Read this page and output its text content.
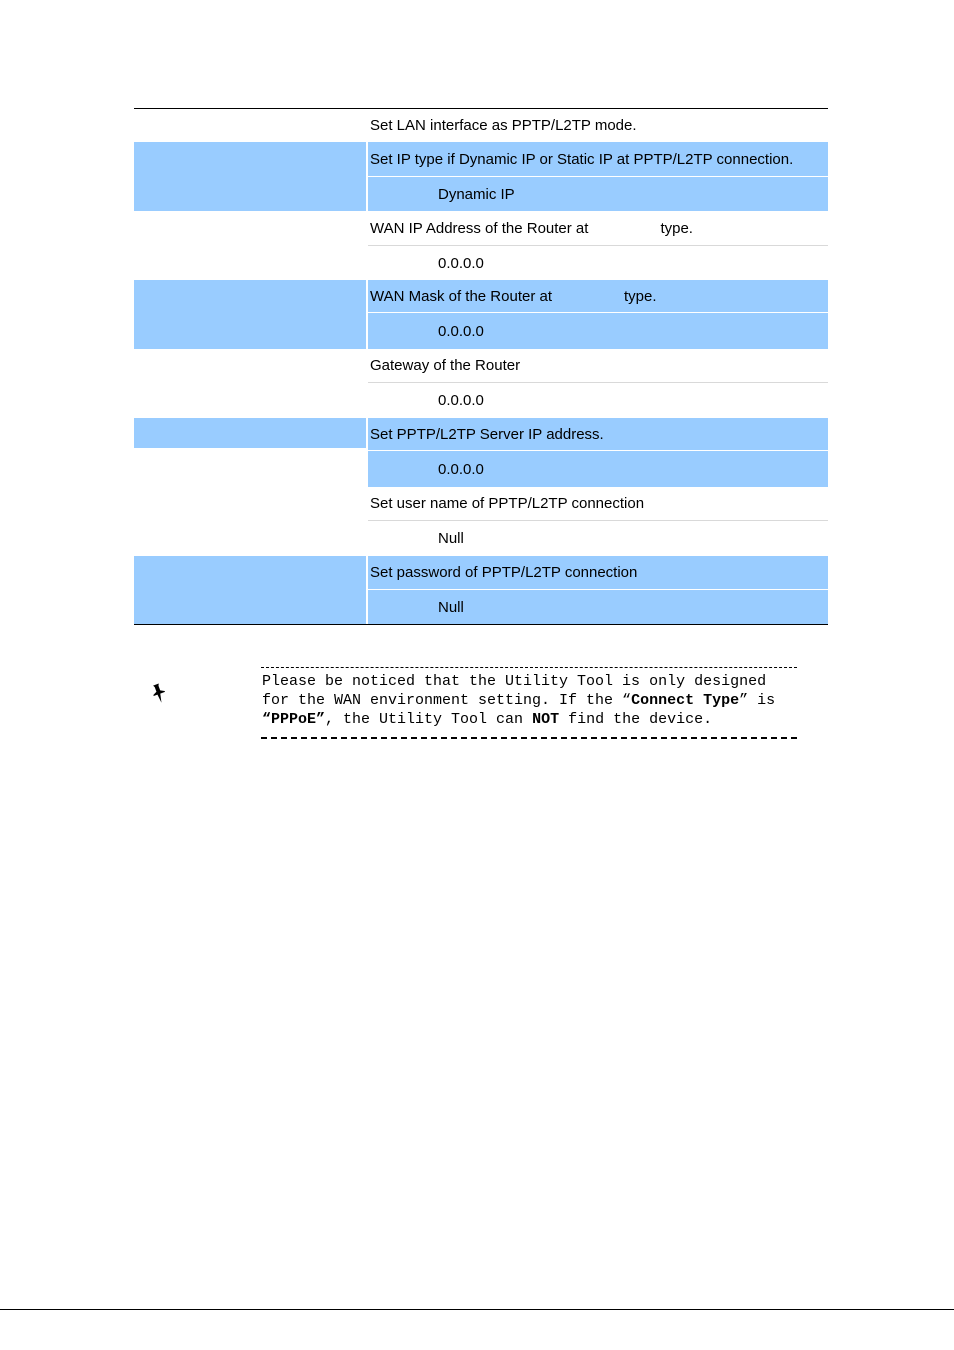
Set LAN interface as PPTP/L2TP mode.
Set IP type if Dynamic IP or Static IP at PPTP/L2TP connection.
Dynamic IP
WAN IP Address of the Router at	type.
0.0.0.0
WAN Mask of the Router at	type.
0.0.0.0
Gateway of the Router
0.0.0.0
Set PPTP/L2TP Server IP address.
0.0.0.0
Set user name of PPTP/L2TP connection
Null
Set password of PPTP/L2TP connection
Null
Please be noticed that the Utility Tool is only designed
for the WAN environment setting. If the “Connect Type” is
“PPPoE”, the Utility Tool can NOT find the device.
